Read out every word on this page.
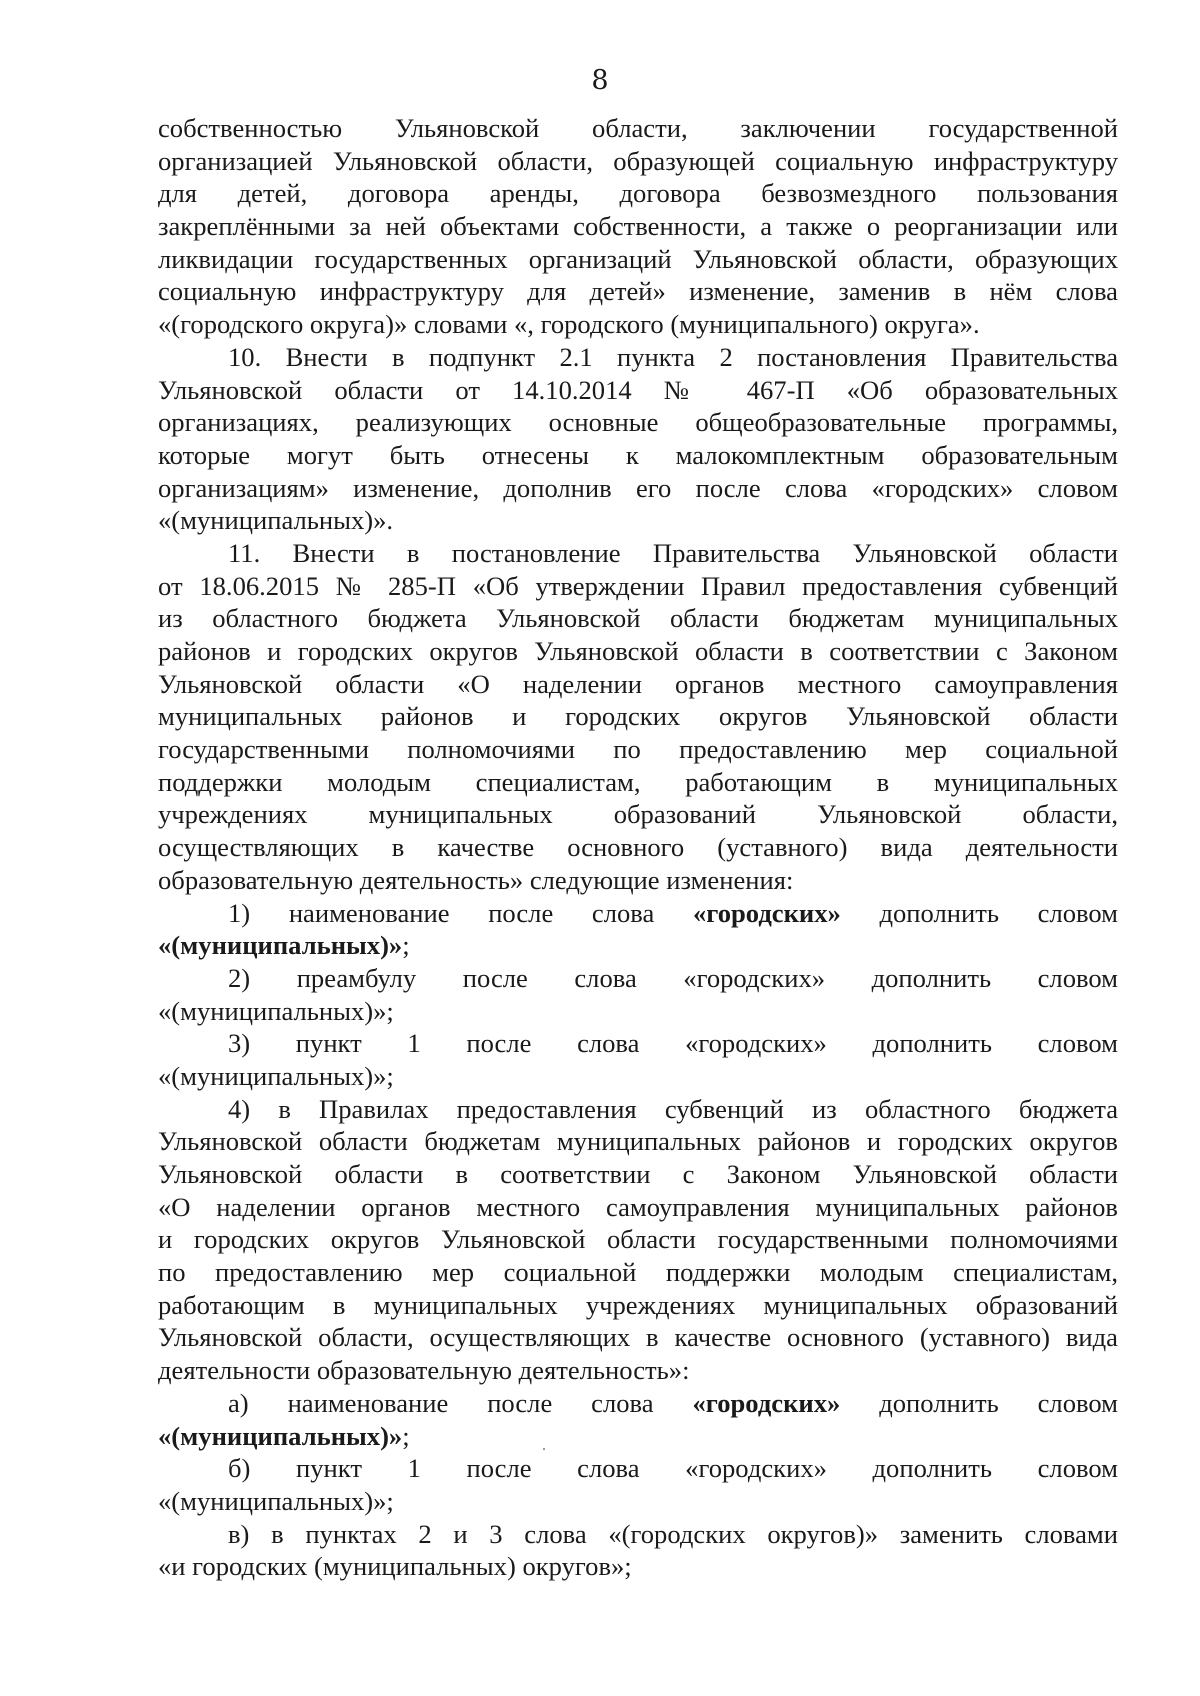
8
собственностью Ульяновской области, заключении государственной
организацией Ульяновской области, образующей социальную инфраструктуру
для детей, договора аренды, договора безвозмездного пользования
закреплёнными за ней объектами собственности, а также о реорганизации или
ликвидации государственных организаций Ульяновской области, образующих
социальную инфраструктуру для детей» изменение, заменив в нём слова
«(городского округа)» словами «, городского (муниципального) округа».
10. Внести в подпункт 2.1 пункта 2 постановления Правительства
Ульяновской области от 14.10.2014 № 467-П «Об образовательных
организациях, реализующих основные общеобразовательные программы,
которые могут быть отнесены к малокомплектным образовательным
организациям» изменение, дополнив его после слова «городских» словом
«(муниципальных)».
11. Внести в постановление Правительства Ульяновской области
от 18.06.2015 № 285-П «Об утверждении Правил предоставления субвенций
из областного бюджета Ульяновской области бюджетам муниципальных
районов и городских округов Ульяновской области в соответствии с Законом
Ульяновской области «О наделении органов местного самоуправления
муниципальных районов и городских округов Ульяновской области
государственными полномочиями по предоставлению мер социальной
поддержки молодым специалистам, работающим в муниципальных
учреждениях муниципальных образований Ульяновской области,
осуществляющих в качестве основного (уставного) вида деятельности
образовательную деятельность» следующие изменения:
1) наименование после слова «городских» дополнить словом
«(муниципальных)»;
2) преамбулу после слова «городских» дополнить словом
«(муниципальных)»;
3) пункт 1 после слова «городских» дополнить словом
«(муниципальных)»;
4) в Правилах предоставления субвенций из областного бюджета
Ульяновской области бюджетам муниципальных районов и городских округов
Ульяновской области в соответствии с Законом Ульяновской области
«О наделении органов местного самоуправления муниципальных районов
и городских округов Ульяновской области государственными полномочиями
по предоставлению мер социальной поддержки молодым специалистам,
работающим в муниципальных учреждениях муниципальных образований
Ульяновской области, осуществляющих в качестве основного (уставного) вида
деятельности образовательную деятельность»:
а) наименование после слова «городских» дополнить словом
«(муниципальных)»;
б) пункт 1 после слова «городских» дополнить словом
«(муниципальных)»;
в) в пунктах 2 и 3 слова «(городских округов)» заменить словами
«и городских (муниципальных) округов»;
